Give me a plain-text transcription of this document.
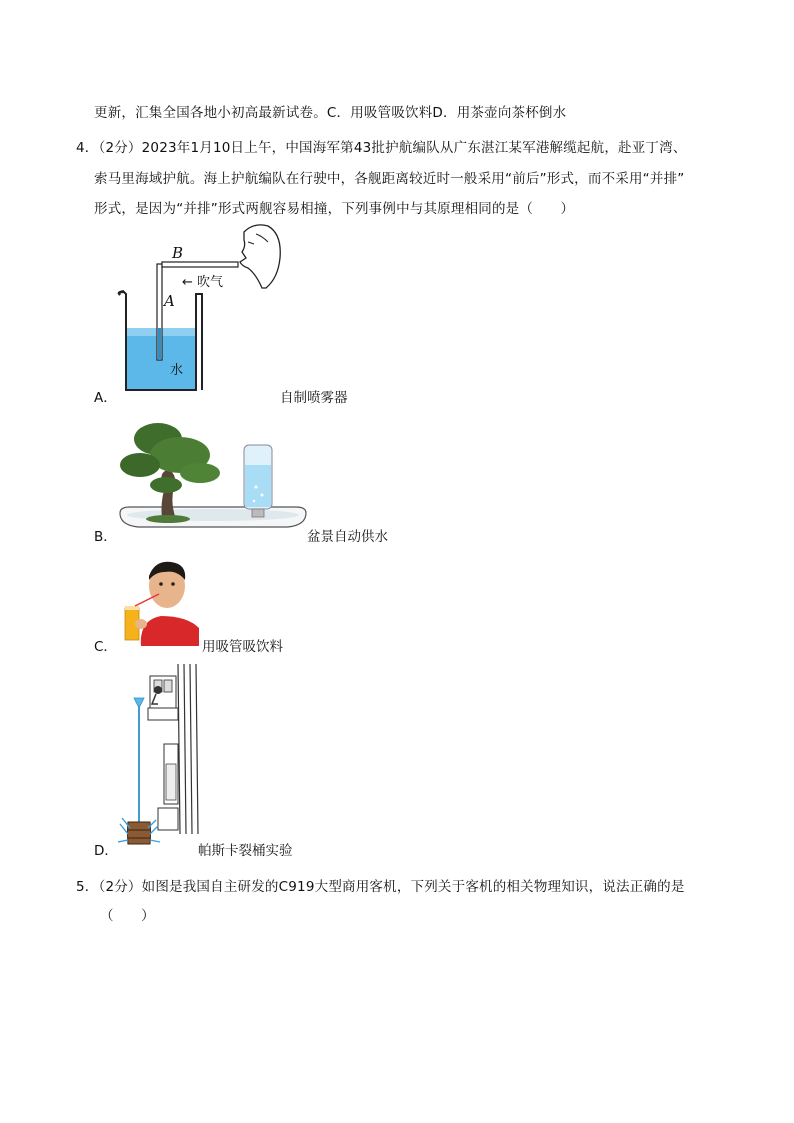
更新，汇集全国各地小初高最新试卷。C．用吸管吸饮料D．用茶壶向茶杯倒水
4．（2分）2023年1月10日上午，中国海军第43批护航编队从广东湛江某军港解缆起航，赴亚丁湾、
索马里海域护航。海上护航编队在行驶中，各舰距离较近时一般采用“前后”形式，而不采用“并排”
形式，是因为“并排”形式两舰容易相撞，下列事例中与其原理相同的是（　　）
A．
B
A
← 吹气
水
自制喷雾器
B．	盆景自动供水
C．	用吸管吸饮料
D．	帕斯卡裂桶实验
5．（2分）如图是我国自主研发的C919大型商用客机，下列关于客机的相关物理知识，说法正确的是
（　　）
